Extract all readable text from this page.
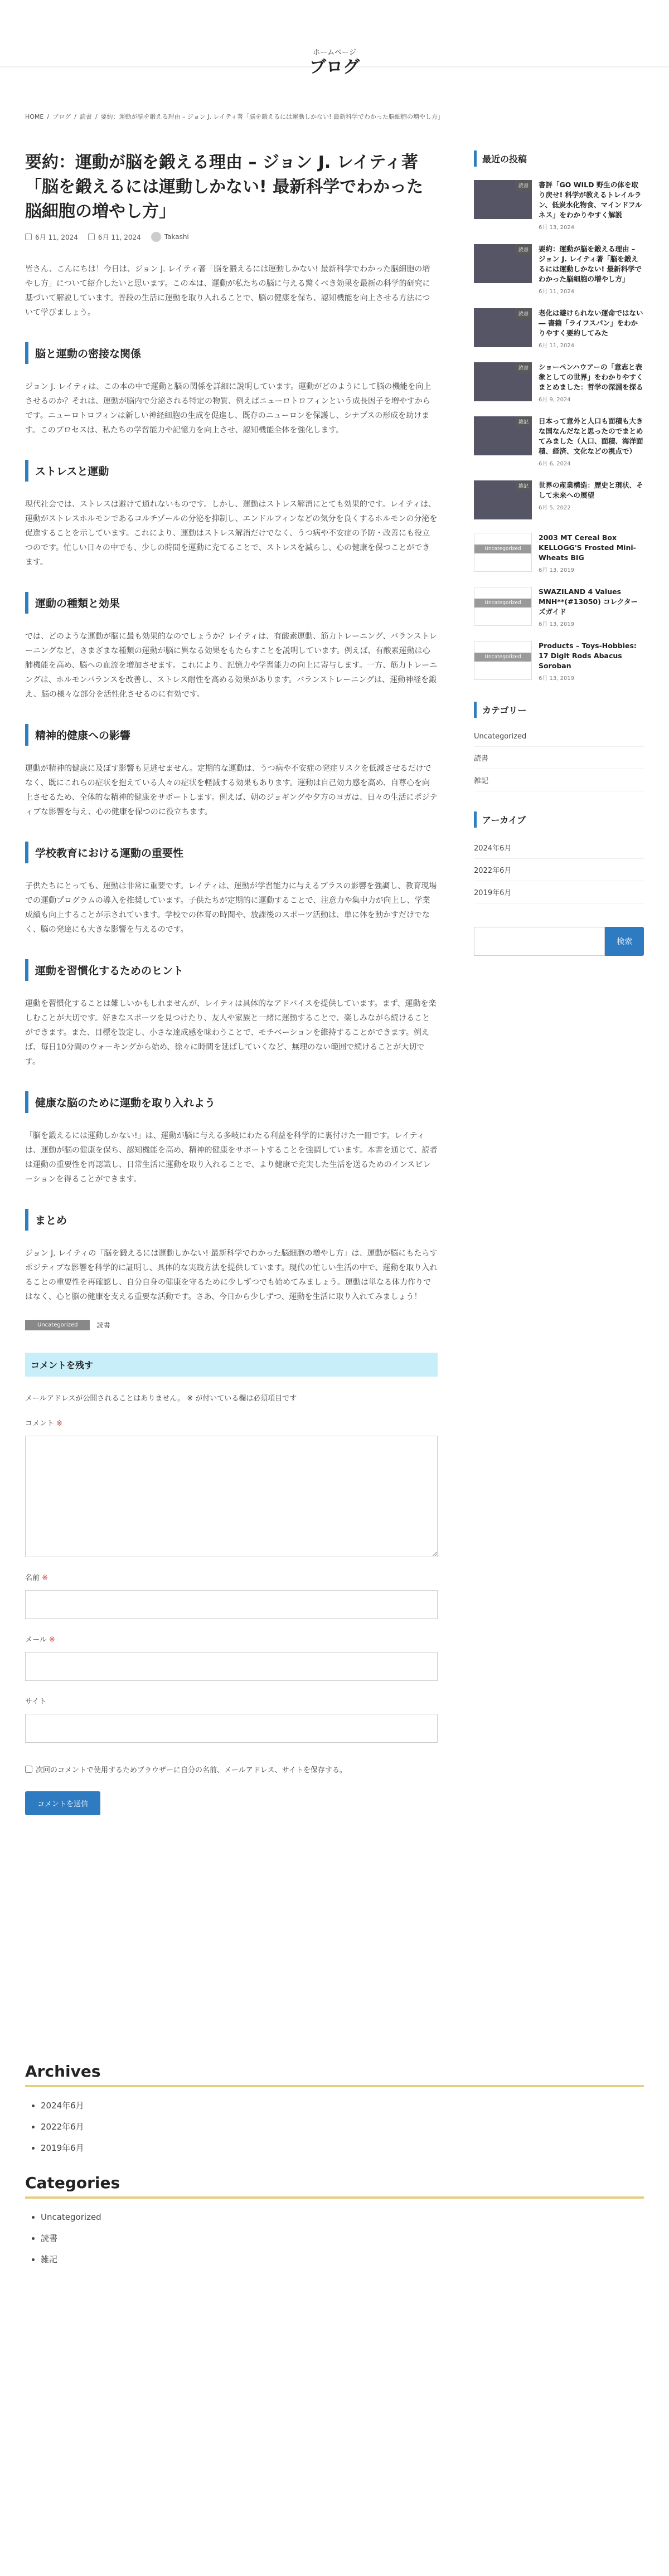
ホームページ
ブログ
HOME / ブログ / 読書 / 要約：運動が脳を鍛える理由 – ジョン J. レイティ著「脳を鍛えるには運動しかない! 最新科学でわかった脳細胞の増やし方」
要約：運動が脳を鍛える理由 – ジョン J. レイティ著「脳を鍛えるには運動しかない! 最新科学でわかった脳細胞の増やし方」
6月 11, 2024	6月 11, 2024	Takashi

皆さん、こんにちは！今日は、ジョン J. レイティ著「脳を鍛えるには運動しかない! 最新科学でわかった脳細胞の増やし方」について紹介したいと思います。この本は、運動が私たちの脳に与える驚くべき効果を最新の科学的研究に基づいて解説しています。普段の生活に運動を取り入れることで、脳の健康を保ち、認知機能を向上させる方法について学びましょう。

脳と運動の密接な関係

ジョン J. レイティは、この本の中で運動と脳の関係を詳細に説明しています。運動がどのようにして脳の機能を向上させるのか？それは、運動が脳内で分泌される特定の物質、例えばニューロトロフィンという成長因子を増やすからです。ニューロトロフィンは新しい神経細胞の生成を促進し、既存のニューロンを保護し、シナプスの形成を助けます。このプロセスは、私たちの学習能力や記憶力を向上させ、認知機能全体を強化します。

ストレスと運動

現代社会では、ストレスは避けて通れないものです。しかし、運動はストレス解消にとても効果的です。レイティは、運動がストレスホルモンであるコルチゾールの分泌を抑制し、エンドルフィンなどの気分を良くするホルモンの分泌を促進することを示しています。これにより、運動はストレス解消だけでなく、うつ病や不安症の予防・改善にも役立つのです。忙しい日々の中でも、少しの時間を運動に充てることで、ストレスを減らし、心の健康を保つことができます。

運動の種類と効果

では、どのような運動が脳に最も効果的なのでしょうか？レイティは、有酸素運動、筋力トレーニング、バランストレーニングなど、さまざまな種類の運動が脳に異なる効果をもたらすことを説明しています。例えば、有酸素運動は心肺機能を高め、脳への血流を増加させます。これにより、記憶力や学習能力の向上に寄与します。一方、筋力トレーニングは、ホルモンバランスを改善し、ストレス耐性を高める効果があります。バランストレーニングは、運動神経を鍛え、脳の様々な部分を活性化させるのに有効です。

精神的健康への影響

運動が精神的健康に及ぼす影響も見逃せません。定期的な運動は、うつ病や不安症の発症リスクを低減させるだけでなく、既にこれらの症状を抱えている人々の症状を軽減する効果もあります。運動は自己効力感を高め、自尊心を向上させるため、全体的な精神的健康をサポートします。例えば、朝のジョギングや夕方のヨガは、日々の生活にポジティブな影響を与え、心の健康を保つのに役立ちます。

学校教育における運動の重要性

子供たちにとっても、運動は非常に重要です。レイティは、運動が学習能力に与えるプラスの影響を強調し、教育現場での運動プログラムの導入を推奨しています。子供たちが定期的に運動することで、注意力や集中力が向上し、学業成績も向上することが示されています。学校での体育の時間や、放課後のスポーツ活動は、単に体を動かすだけでなく、脳の発達にも大きな影響を与えるのです。

運動を習慣化するためのヒント

運動を習慣化することは難しいかもしれませんが、レイティは具体的なアドバイスを提供しています。まず、運動を楽しむことが大切です。好きなスポーツを見つけたり、友人や家族と一緒に運動することで、楽しみながら続けることができます。また、目標を設定し、小さな達成感を味わうことで、モチベーションを維持することができます。例えば、毎日10分間のウォーキングから始め、徐々に時間を延ばしていくなど、無理のない範囲で続けることが大切です。

健康な脳のために運動を取り入れよう

「脳を鍛えるには運動しかない!」は、運動が脳に与える多岐にわたる利益を科学的に裏付けた一冊です。レイティは、運動が脳の健康を保ち、認知機能を高め、精神的健康をサポートすることを強調しています。本書を通じて、読者は運動の重要性を再認識し、日常生活に運動を取り入れることで、より健康で充実した生活を送るためのインスピレーションを得ることができます。

まとめ

ジョン J. レイティの「脳を鍛えるには運動しかない! 最新科学でわかった脳細胞の増やし方」は、運動が脳にもたらすポジティブな影響を科学的に証明し、具体的な実践方法を提供しています。現代の忙しい生活の中で、運動を取り入れることの重要性を再確認し、自分自身の健康を守るために少しずつでも始めてみましょう。運動は単なる体力作りではなく、心と脳の健康を支える重要な活動です。さあ、今日から少しずつ、運動を生活に取り入れてみましょう！

Uncategorized	読書
コメントを残す

メールアドレスが公開されることはありません。 ※ が付いている欄は必須項目です

コメント ※
名前 ※
メール ※
サイト
次回のコメントで使用するためブラウザーに自分の名前、メールアドレス、サイトを保存する。
コメントを送信
最近の投稿
読書	書評「GO WILD 野生の体を取り戻せ! 科学が教えるトレイルラン、低炭水化物食、マインドフルネス」をわかりやすく解説
6月 13, 2024
読書	要約：運動が脳を鍛える理由 – ジョン J. レイティ著「脳を鍛えるには運動しかない! 最新科学でわかった脳細胞の増やし方」
6月 11, 2024
読書	老化は避けられない運命ではない ― 書籍「ライフスパン」をわかりやすく要約してみた
6月 11, 2024
読書	ショーペンハウアーの「意志と表象としての世界」をわかりやすくまとめました：哲学の深淵を探る
6月 9, 2024
雑記	日本って意外と人口も面積も大きな国なんだなと思ったのでまとめてみました（人口、面積、海洋面積、経済、文化などの視点で）
6月 6, 2024
雑記	世界の産業構造：歴史と現状、そして未来への展望
6月 5, 2022
Uncategorized
2003 MT Cereal Box KELLOGG'S Frosted Mini-Wheats BIG
6月 13, 2019
Uncategorized
SWAZILAND 4 Values MNH**(#13050) コレクターズガイド
6月 13, 2019
Uncategorized
Products – Toys-Hobbies: 17 Digit Rods Abacus Soroban
6月 13, 2019
カテゴリー
Uncategorized
読書
雑記
アーカイブ
2024年6月
2022年6月
2019年6月
検索
Archives
• 2024年6月
• 2022年6月
• 2019年6月
Categories
• Uncategorized
• 読書
• 雑記
